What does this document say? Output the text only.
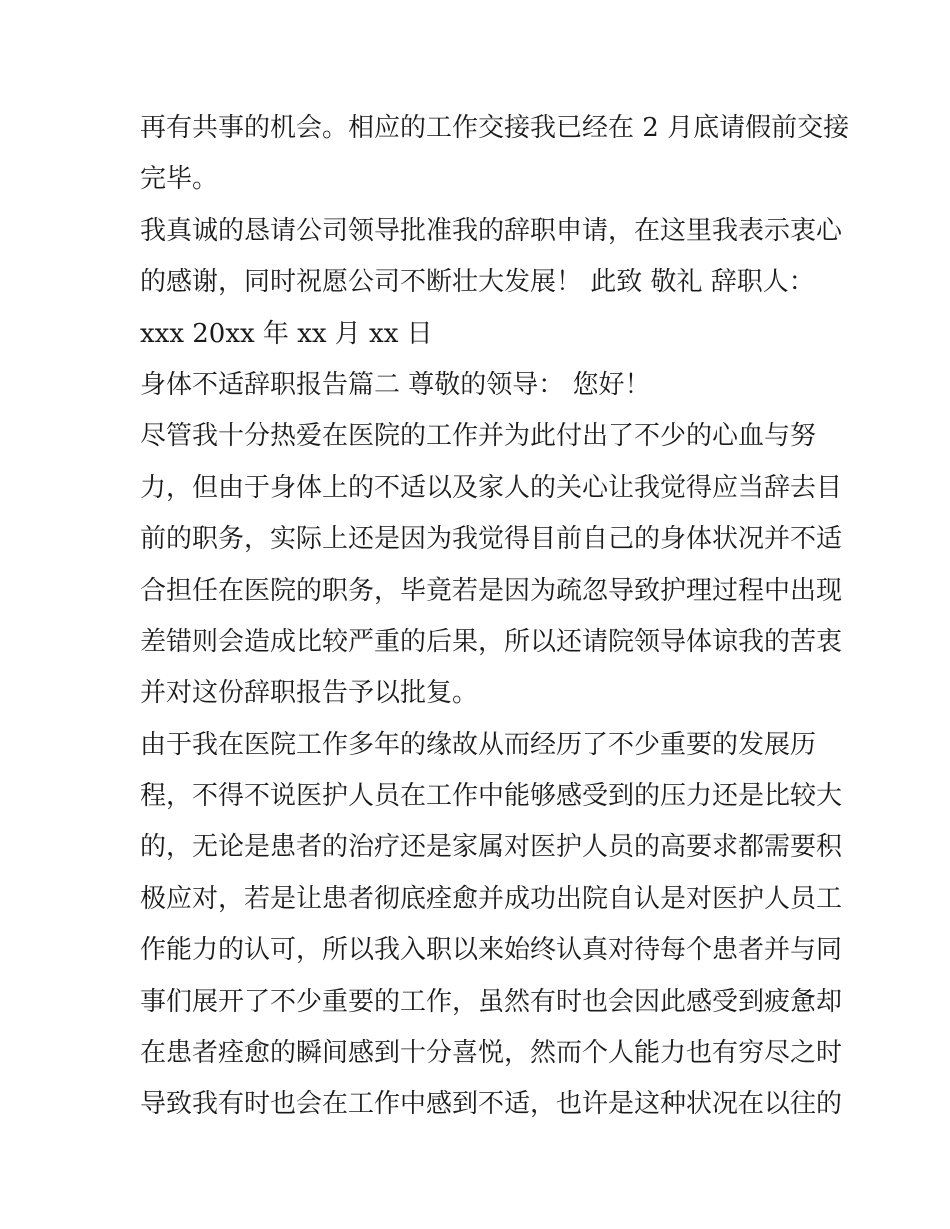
再有共事的机会。相应的工作交接我已经在 2 月底请假前交接
完毕。
我真诚的恳请公司领导批准我的辞职申请，在这里我表示衷心
的感谢，同时祝愿公司不断壮大发展！ 此致 敬礼 辞职人：
xxx 20xx 年 xx 月 xx 日
身体不适辞职报告篇二 尊敬的领导： 您好！
尽管我十分热爱在医院的工作并为此付出了不少的心血与努
力，但由于身体上的不适以及家人的关心让我觉得应当辞去目
前的职务，实际上还是因为我觉得目前自己的身体状况并不适
合担任在医院的职务，毕竟若是因为疏忽导致护理过程中出现
差错则会造成比较严重的后果，所以还请院领导体谅我的苦衷
并对这份辞职报告予以批复。
由于我在医院工作多年的缘故从而经历了不少重要的发展历
程，不得不说医护人员在工作中能够感受到的压力还是比较大
的，无论是患者的治疗还是家属对医护人员的高要求都需要积
极应对，若是让患者彻底痊愈并成功出院自认是对医护人员工
作能力的认可，所以我入职以来始终认真对待每个患者并与同
事们展开了不少重要的工作，虽然有时也会因此感受到疲惫却
在患者痊愈的瞬间感到十分喜悦，然而个人能力也有穷尽之时
导致我有时也会在工作中感到不适，也许是这种状况在以往的
